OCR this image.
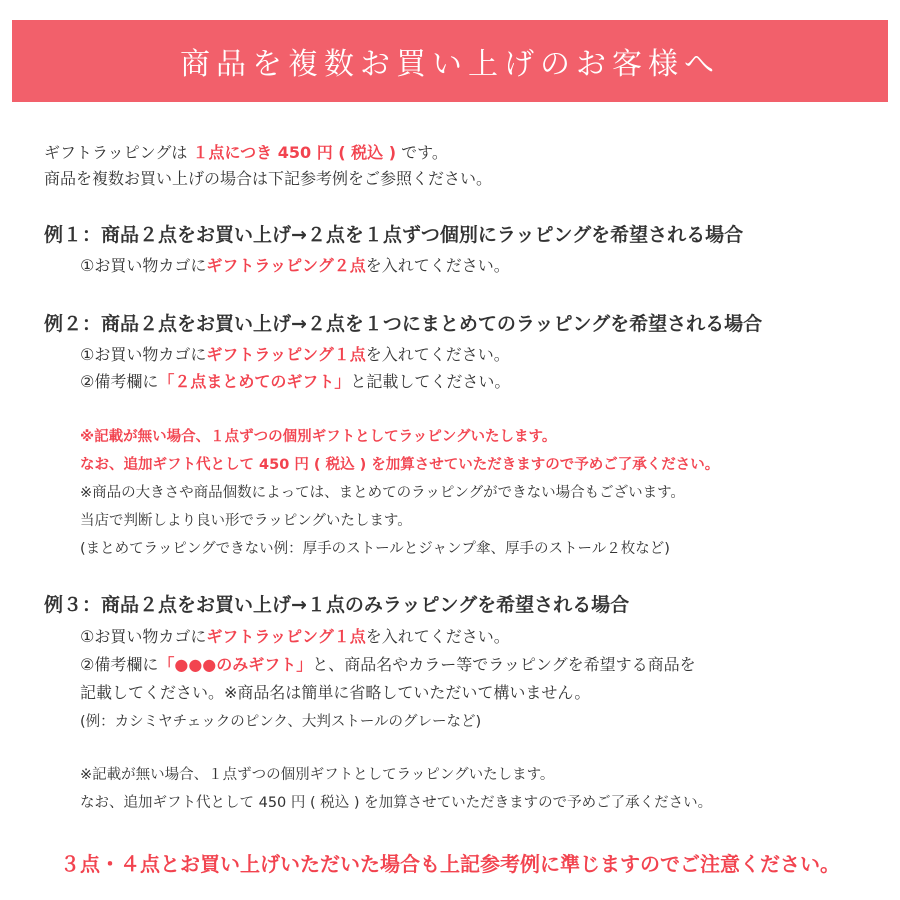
商品を複数お買い上げのお客様へ
ギフトラッピングは １点につき 450 円 ( 税込 ) です。
商品を複数お買い上げの場合は下記参考例をご参照ください。
例１：商品２点をお買い上げ→２点を１点ずつ個別にラッピングを希望される場合
①お買い物カゴにギフトラッピング２点を入れてください。
例２：商品２点をお買い上げ→２点を１つにまとめてのラッピングを希望される場合
①お買い物カゴにギフトラッピング１点を入れてください。
②備考欄に「２点まとめてのギフト」と記載してください。
※記載が無い場合、１点ずつの個別ギフトとしてラッピングいたします。
なお、追加ギフト代として 450 円 ( 税込 ) を加算させていただきますので予めご了承ください。
※商品の大きさや商品個数によっては、まとめてのラッピングができない場合もございます。
当店で判断しより良い形でラッピングいたします。
(まとめてラッピングできない例：厚手のストールとジャンプ傘、厚手のストール２枚など)
例３：商品２点をお買い上げ→１点のみラッピングを希望される場合
①お買い物カゴにギフトラッピング１点を入れてください。
②備考欄に「●●●のみギフト」と、商品名やカラー等でラッピングを希望する商品を
記載してください。※商品名は簡単に省略していただいて構いません。
(例：カシミヤチェックのピンク、大判ストールのグレーなど)
※記載が無い場合、１点ずつの個別ギフトとしてラッピングいたします。
なお、追加ギフト代として 450 円 ( 税込 ) を加算させていただきますので予めご了承ください。
３点・４点とお買い上げいただいた場合も上記参考例に準じますのでご注意ください。
